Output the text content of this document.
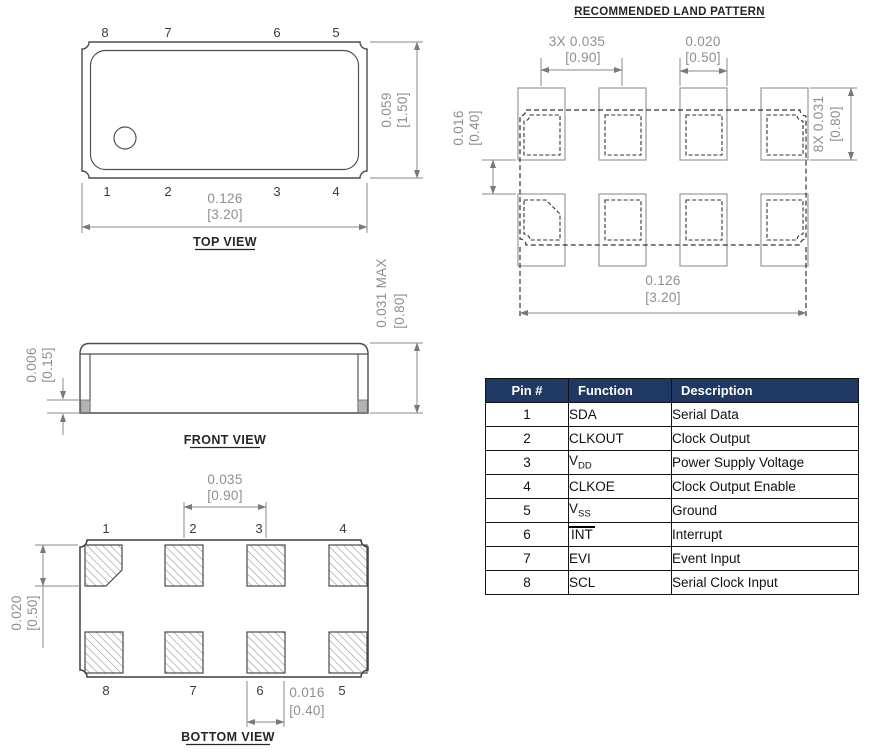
8	7	6	5
1	2	3	4
0.126
[3.20]
0.059 [1.50]
TOP VIEW
RECOMMENDED LAND PATTERN
3X 0.035
[0.90]
0.020
[0.50]
8X 0.031 [0.80]
0.016 [0.40]
0.126
[3.20]
0.006 [0.15]
0.031 MAX [0.80]
FRONT VIEW
1	2	3	4
8	7	6	5
0.035
[0.90]
0.020 [0.50]
0.016
[0.40]
BOTTOM VIEW
Pin #	Function	Description
1	SDA	Serial Data
2	CLKOUT	Clock Output
3	$V_{DD}$	Power Supply Voltage
4	CLKOE	Clock Output Enable
5	$V_{SS}$	Ground
6	INT	Interrupt
7	EVI	Event Input
8	SCL	Serial Clock Input
